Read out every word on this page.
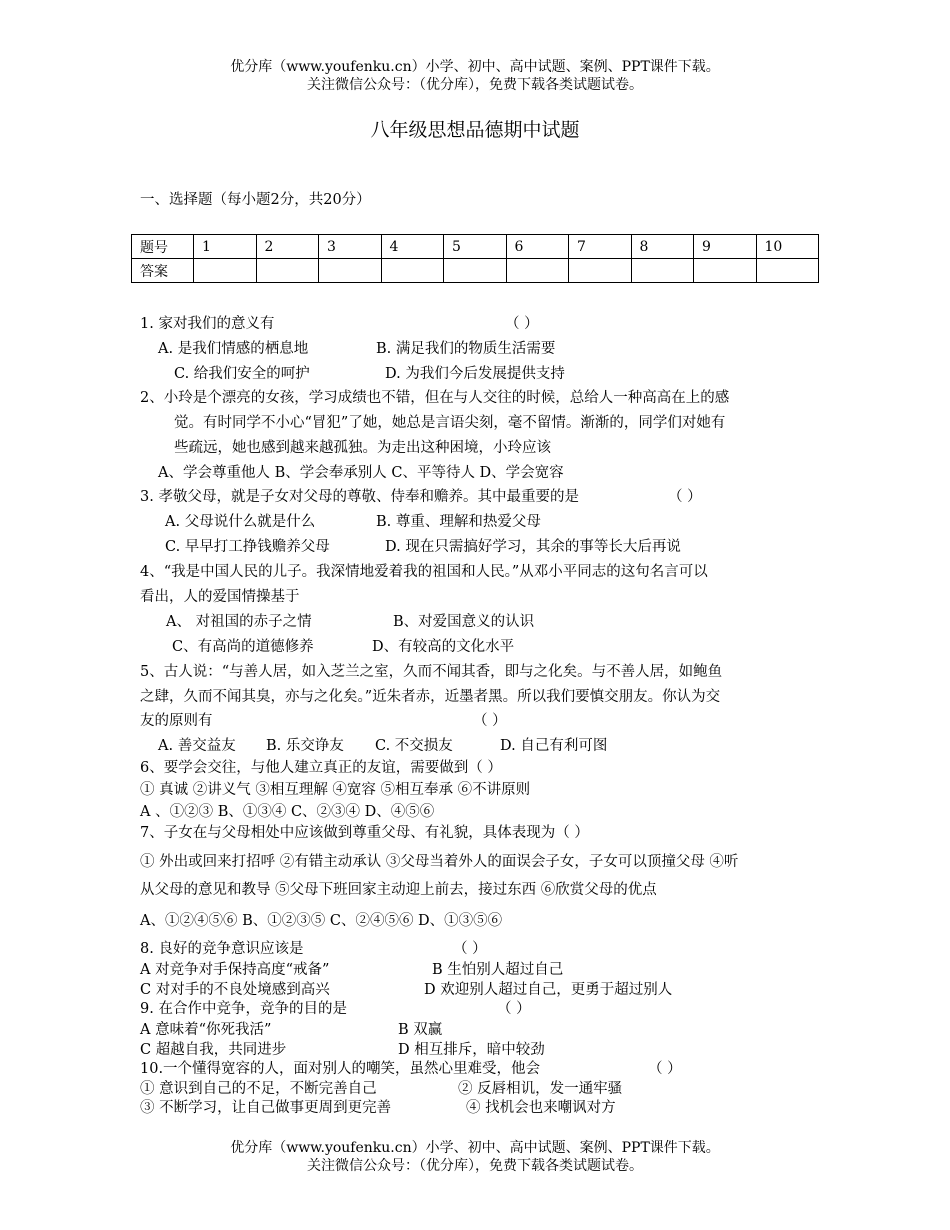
优分库（www.youfenku.cn）小学、初中、高中试题、案例、PPT课件下载。
关注微信公众号：（优分库），免费下载各类试题试卷。
八年级思想品德期中试题
一、选择题（每小题2分，共20分）
题号	1	2	3	4	5	6	7	8	9	10
答案										
1. 家对我们的意义有	（ ）
A. 是我们情感的栖息地	B. 满足我们的物质生活需要
C. 给我们安全的呵护	D. 为我们今后发展提供支持
2、小玲是个漂亮的女孩，学习成绩也不错，但在与人交往的时候，总给人一种高高在上的感
觉。有时同学不小心“冒犯”了她，她总是言语尖刻，毫不留情。渐渐的，同学们对她有
些疏远，她也感到越来越孤独。为走出这种困境，小玲应该
A、学会尊重他人 B、学会奉承别人 C、平等待人 D、学会宽容
3. 孝敬父母，就是子女对父母的尊敬、侍奉和赡养。其中最重要的是	（ ）
A. 父母说什么就是什么	B. 尊重、理解和热爱父母
C. 早早打工挣钱赡养父母	D. 现在只需搞好学习，其余的事等长大后再说
4、“我是中国人民的儿子。我深情地爱着我的祖国和人民。”从邓小平同志的这句名言可以
看出，人的爱国情操基于
A、 对祖国的赤子之情	B、对爱国意义的认识
C、有高尚的道德修养	D、有较高的文化水平
5、古人说：“与善人居，如入芝兰之室，久而不闻其香，即与之化矣。与不善人居，如鲍鱼
之肆，久而不闻其臭，亦与之化矣。”近朱者赤，近墨者黑。所以我们要慎交朋友。你认为交
友的原则有	（ ）
A. 善交益友 B. 乐交诤友 C. 不交损友	D. 自己有利可图
6、要学会交往，与他人建立真正的友谊，需要做到（ ）
① 真诚 ②讲义气 ③相互理解 ④宽容 ⑤相互奉承 ⑥不讲原则
A 、①②③ B、①③④ C、②③④ D、④⑤⑥
7、子女在与父母相处中应该做到尊重父母、有礼貌，具体表现为（ ）
① 外出或回来打招呼 ②有错主动承认 ③父母当着外人的面误会子女，子女可以顶撞父母 ④听
从父母的意见和教导 ⑤父母下班回家主动迎上前去，接过东西 ⑥欣赏父母的优点
A、①②④⑤⑥ B、①②③⑤ C、②④⑤⑥ D、①③⑤⑥
8. 良好的竞争意识应该是	（ ）
A 对竞争对手保持高度“戒备”	B 生怕别人超过自己
C 对对手的不良处境感到高兴	D 欢迎别人超过自己，更勇于超过别人
9. 在合作中竞争，竞争的目的是	（ ）
A 意味着“你死我活”	B 双赢
C 超越自我，共同进步	D 相互排斥，暗中较劲
10.一个懂得宽容的人，面对别人的嘲笑，虽然心里难受，他会	（ ）
① 意识到自己的不足，不断完善自己	② 反唇相讥，发一通牢骚
③ 不断学习，让自己做事更周到更完善	④ 找机会也来嘲讽对方
优分库（www.youfenku.cn）小学、初中、高中试题、案例、PPT课件下载。
关注微信公众号：（优分库），免费下载各类试题试卷。
